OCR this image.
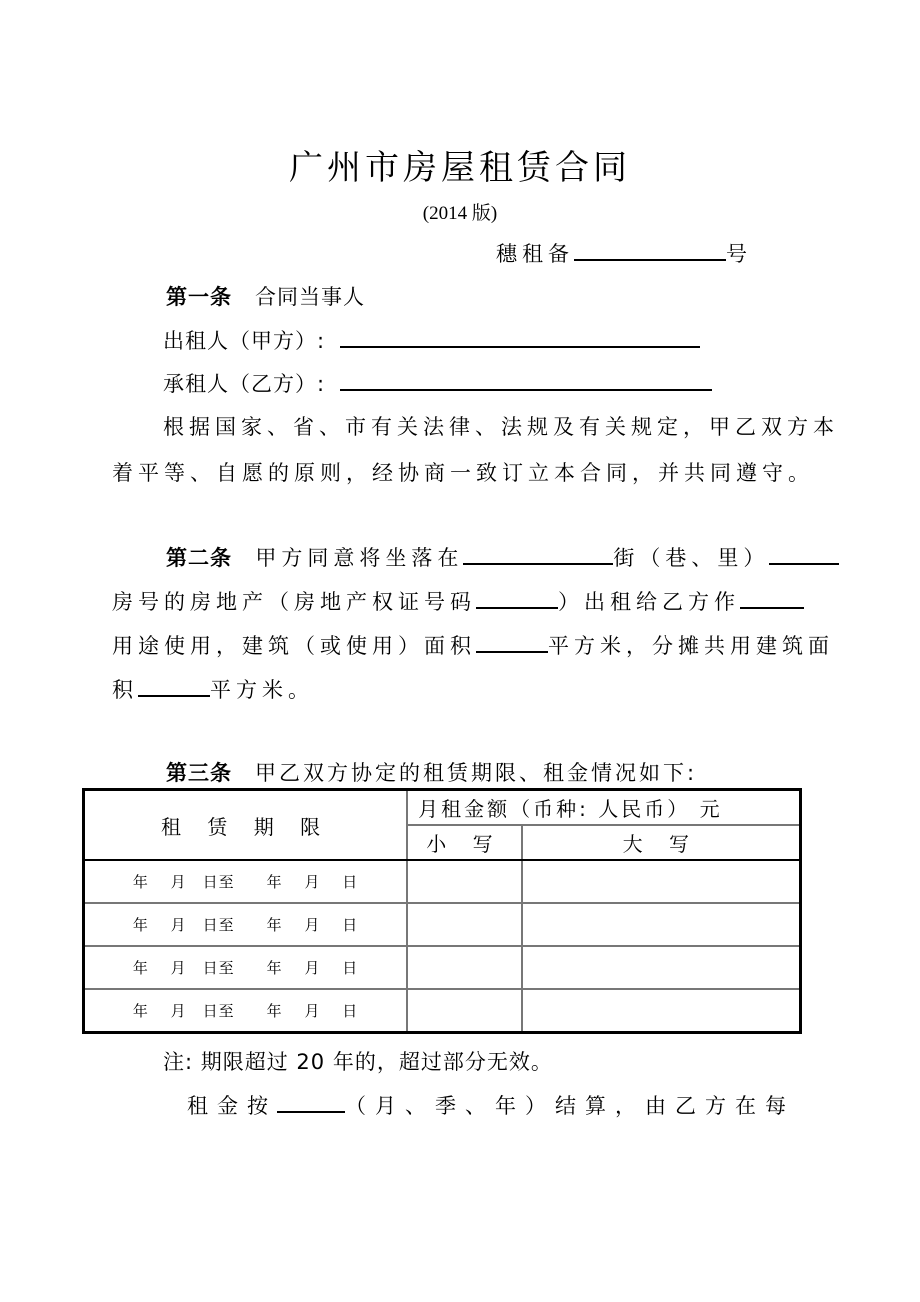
广州市房屋租赁合同
(2014 版)
穗租备	号
第一条 合同当事人
出租人（甲方）:
承租人（乙方）:
根据国家、省、市有关法律、法规及有关规定，甲乙双方本
着平等、自愿的原则，经协商一致订立本合同，并共同遵守。
第二条 甲方同意将坐落在	街（巷、里）
房号的房地产（房地产权证号码	）出租给乙方作
用途使用，建筑（或使用）面积	平方米，分摊共用建筑面
积	平方米。
第三条 甲乙双方协定的租赁期限、租金情况如下:
租 赁 期 限	月租金额（币种: 人民币） 元	
	小 写	大 写
年　 月　日至　　年　 月　 日		
年　 月　日至　　年　 月　 日		
年　 月　日至　　年　 月　 日		
年　 月　日至　　年　 月　 日		
注: 期限超过 20 年的，超过部分无效。
租金按	（月、季、年）结算，由乙方在每
